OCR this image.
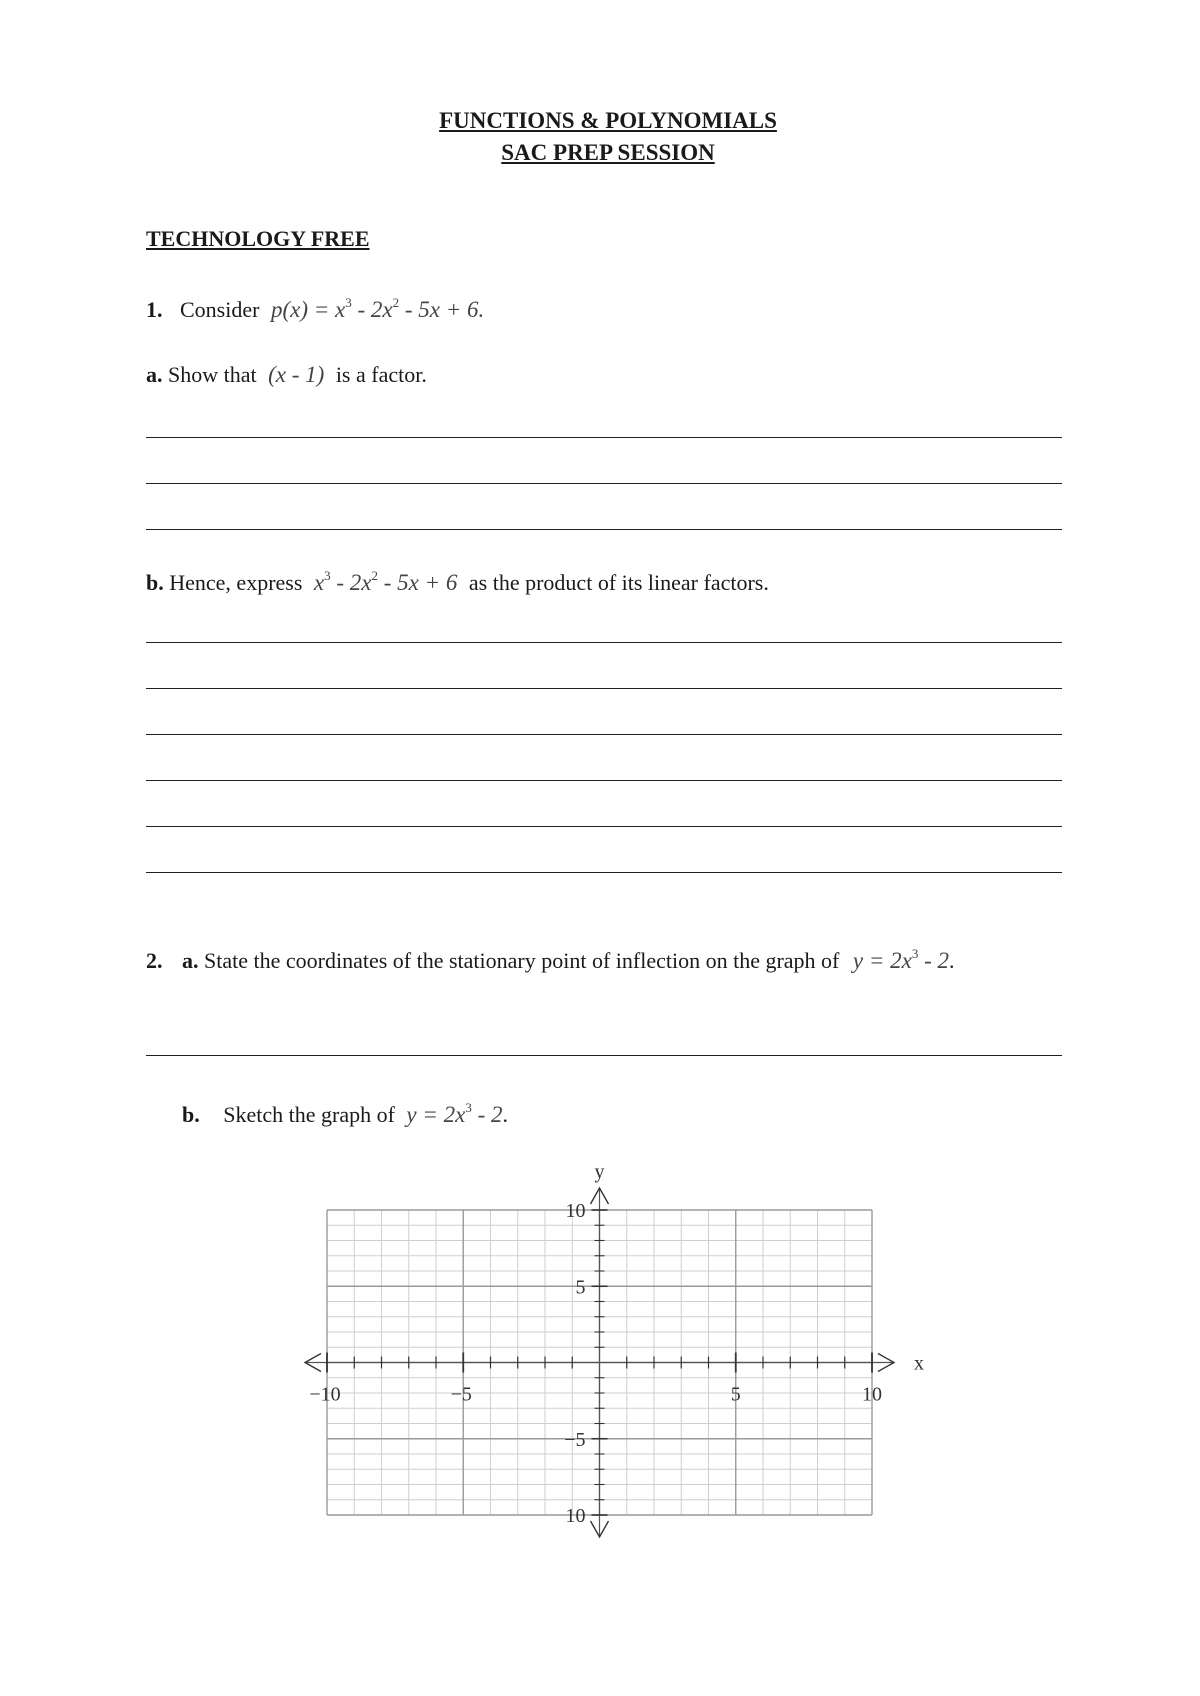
FUNCTIONS & POLYNOMIALS
SAC PREP SESSION
TECHNOLOGY FREE
1. Consider $p(x) = x^3 - 2x^2 - 5x + 6$.
a. Show that (x - 1) is a factor.
b. Hence, express $x^3 - 2x^2 - 5x + 6$ as the product of its linear factors.
2. a. State the coordinates of the stationary point of inflection on the graph of $y = 2x^3 - 2$.
b. Sketch the graph of $y = 2x^3 - 2$.
x
y
−10	−5	5	10
10
5
−5
10
